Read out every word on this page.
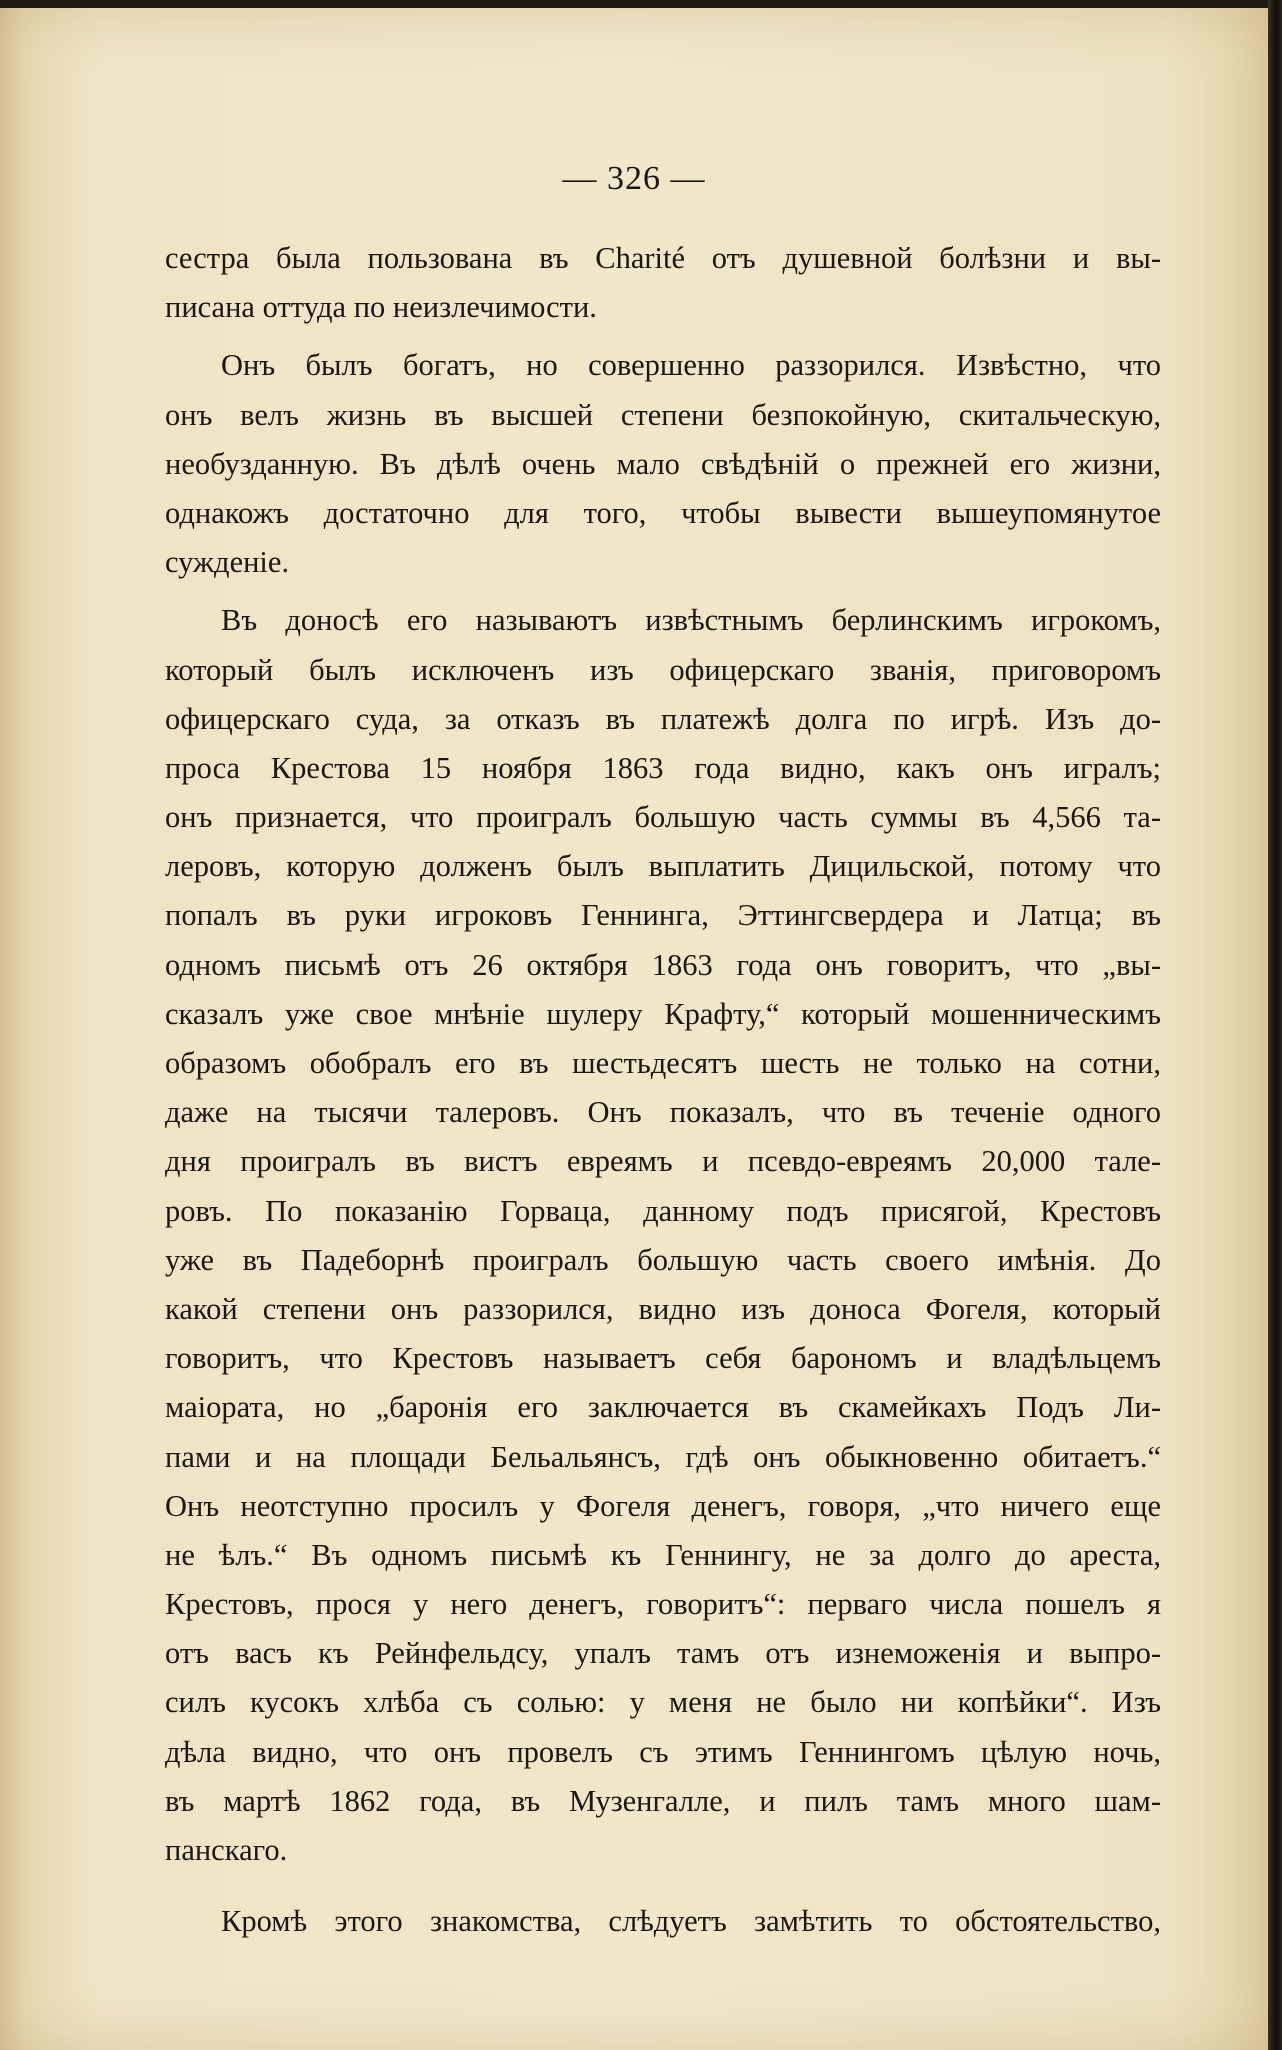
— 326 —
сестра была пользована въ Charité отъ душевной болѣзни и вы-
писана оттуда по неизлечимости.
Онъ былъ богатъ, но совершенно раззорился. Извѣстно, что
онъ велъ жизнь въ высшей степени безпокойную, скитальческую,
необузданную. Въ дѣлѣ очень мало свѣдѣній о прежней его жизни,
однакожъ достаточно для того, чтобы вывести вышеупомянутое
сужденіе.
Въ доносѣ его называютъ извѣстнымъ берлинскимъ игрокомъ,
который былъ исключенъ изъ офицерскаго званія, приговоромъ
офицерскаго суда, за отказъ въ платежѣ долга по игрѣ. Изъ до-
проса Крестова 15 ноября 1863 года видно, какъ онъ игралъ;
онъ признается, что проигралъ большую часть суммы въ 4,566 та-
леровъ, которую долженъ былъ выплатить Дицильской, потому что
попалъ въ руки игроковъ Геннинга, Эттингсвердера и Латца; въ
одномъ письмѣ отъ 26 октября 1863 года онъ говоритъ, что „вы-
сказалъ уже свое мнѣніе шулеру Крафту,“ который мошенническимъ
образомъ обобралъ его въ шестьдесятъ шесть не только на сотни,
даже на тысячи талеровъ. Онъ показалъ, что въ теченіе одного
дня проигралъ въ вистъ евреямъ и псевдо-евреямъ 20,000 тале-
ровъ. По показанію Горваца, данному подъ присягой, Крестовъ
уже въ Падеборнѣ проигралъ большую часть своего имѣнія. До
какой степени онъ раззорился, видно изъ доноса Фогеля, который
говоритъ, что Крестовъ называетъ себя барономъ и владѣльцемъ
маіората, но „баронія его заключается въ скамейкахъ Подъ Ли-
пами и на площади Бельальянсъ, гдѣ онъ обыкновенно обитаетъ.“
Онъ неотступно просилъ у Фогеля денегъ, говоря, „что ничего еще
не ѣлъ.“ Въ одномъ письмѣ къ Геннингу, не за долго до ареста,
Крестовъ, прося у него денегъ, говоритъ“: перваго числа пошелъ я
отъ васъ къ Рейнфельдсу, упалъ тамъ отъ изнеможенія и выпро-
силъ кусокъ хлѣба съ солью: у меня не было ни копѣйки“. Изъ
дѣла видно, что онъ провелъ съ этимъ Геннингомъ цѣлую ночь,
въ мартѣ 1862 года, въ Музенгалле, и пилъ тамъ много шам-
панскаго.
Кромѣ этого знакомства, слѣдуетъ замѣтить то обстоятельство,
